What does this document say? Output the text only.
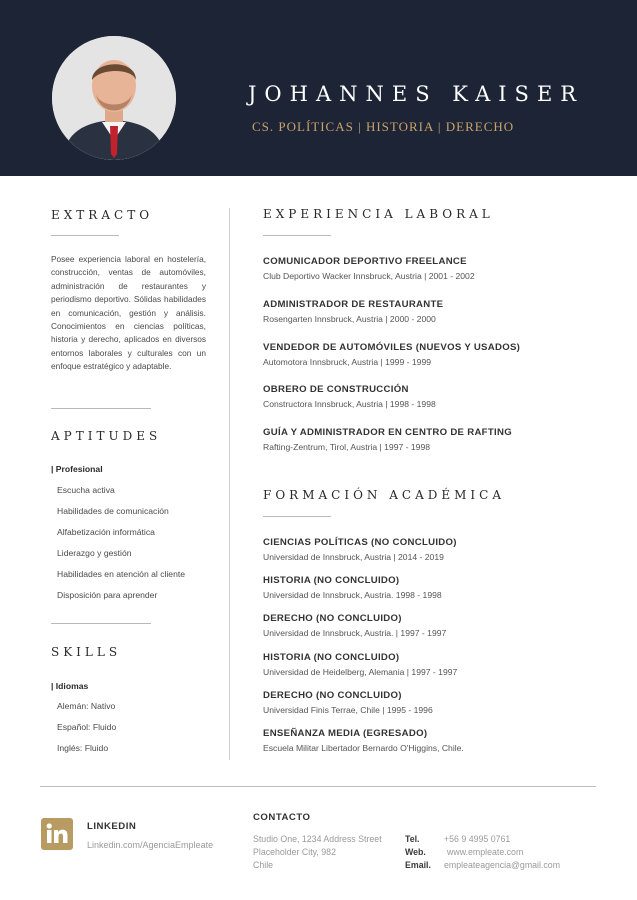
JOHANNES KAISER
CS. POLÍTICAS | HISTORIA | DERECHO
EXTRACTO
Posee experiencia laboral en hostelería, construcción, ventas de automóviles, administración de restaurantes y periodismo deportivo. Sólidas habilidades en comunicación, gestión y análisis. Conocimientos en ciencias políticas, historia y derecho, aplicados en diversos entornos laborales y culturales con un enfoque estratégico y adaptable.
APTITUDES
| Profesional
Escucha activa
Habilidades de comunicación
Alfabetización informática
Liderazgo y gestión
Habilidades en atención al cliente
Disposición para aprender
SKILLS
| Idiomas
Alemán: Nativo
Español: Fluido
Inglés: Fluido
EXPERIENCIA LABORAL
COMUNICADOR DEPORTIVO FREELANCE
Club Deportivo Wacker Innsbruck, Austria | 2001 - 2002
ADMINISTRADOR DE RESTAURANTE
Rosengarten Innsbruck, Austria | 2000 - 2000
VENDEDOR DE AUTOMÓVILES (NUEVOS Y USADOS)
Automotora Innsbruck, Austria | 1999 - 1999
OBRERO DE CONSTRUCCIÓN
Constructora Innsbruck, Austria | 1998 - 1998
GUÍA Y ADMINISTRADOR EN CENTRO DE RAFTING
Rafting-Zentrum, Tirol, Austria | 1997 - 1998
FORMACIÓN ACADÉMICA
CIENCIAS POLÍTICAS (NO CONCLUIDO)
Universidad de Innsbruck, Austria | 2014 - 2019
HISTORIA (NO CONCLUIDO)
Universidad de Innsbruck, Austria. 1998 - 1998
DERECHO (NO CONCLUIDO)
Universidad de Innsbruck, Austria. | 1997 - 1997
HISTORIA (NO CONCLUIDO)
Universidad de Heidelberg, Alemania | 1997 - 1997
DERECHO (NO CONCLUIDO)
Universidad Finis Terrae, Chile | 1995 - 1996
ENSEÑANZA MEDIA (EGRESADO)
Escuela Militar Libertador Bernardo O'Higgins, Chile.
LINKEDIN
Linkedin.com/AgenciaEmpleate
CONTACTO
Studio One, 1234 Address Street
Placeholder City, 982
Chile
Tel.
Web.
Email.
+56 9 4995 0761
www.empleate.com
empleateagencia@gmail.com
